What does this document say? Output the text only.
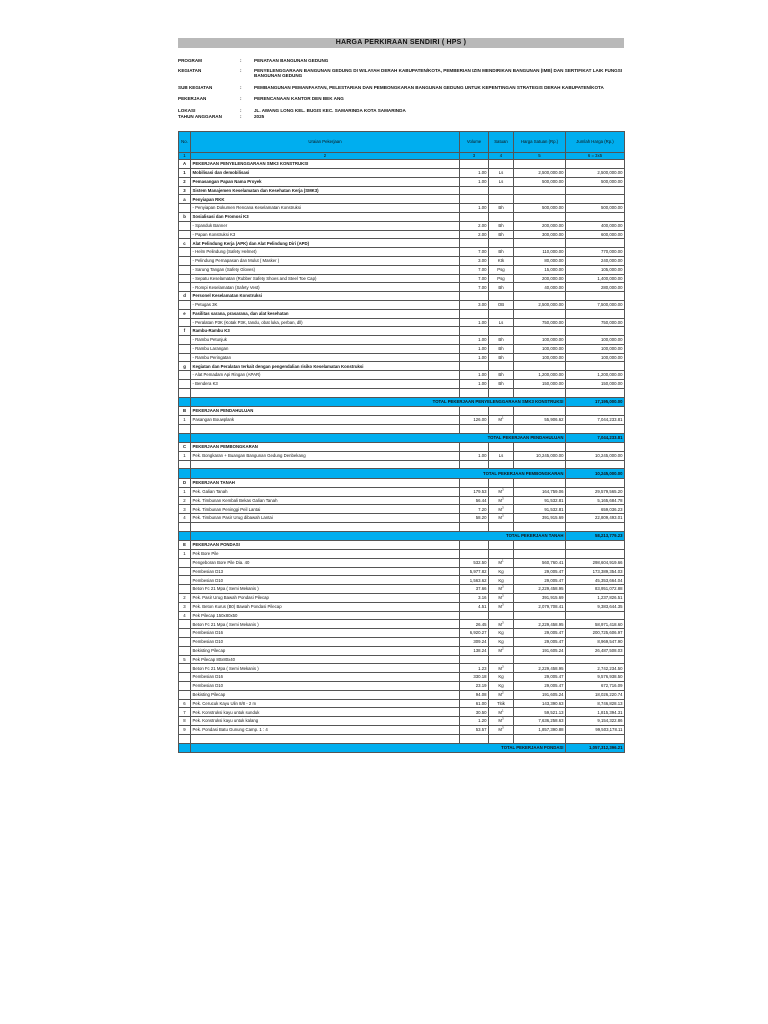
HARGA PERKIRAAN SENDIRI ( HPS )
PROGRAM	:	PENATAAN BANGUNAN GEDUNG
KEGIATAN	:	PENYELENGGARAAN BANGUNAN GEDUNG DI WILAYAH DERAH KABUPATEN/KOTA, PEMBERIAN IZIN MENDIRIKAN BANGUNAN (IMB) DAN SERTIFIKAT LAIK FUNGSI BANGUNAN GEDUNG
SUB KEGIATAN	:	PEMBANGUNAN PEMANFAATAN, PELESTARIAN DAN PEMBONGKARAN BANGUNAN GEDUNG UNTUK KEPENTINGAN STRATEGIS DERAH KABUPATEN/KOTA
PEKERJAAN	:	PERENCANAAN KANTOR DEN BEK ANG
LOKASI	:	JL. AWANG LONG KEL. BUGIS KEC. SAMARINDA KOTA SAMARINDA
TAHUN ANGGARAN	:	2025
No.	Uraian Pekerjaan	Volume	Satuan	Harga Satuan (Rp.)	Jumlah Harga (Rp.)
1	2	3	4	5	6 = 3x5
A	PEKERJAAN PENYELENGGARAAN SMK3 KONSTRUKSI				
1	Mobilisasi dan demobilisasi	1.00	Ls	2,500,000.00	2,500,000.00
2	Pemasangan Papan Nama Proyek	1.00	Ls	500,000.00	500,000.00
3	Sistem Manajemen Keselamatan dan Kesehatan Kerja (SMK3)				
a	Penyiapan RKK				
	- Penyiapan Dokumen Rencana Keselamatan Konstruksi	1.00	Bh	500,000.00	500,000.00
b	Sosialisasi dan Promosi K3				
	- Spanduk Banner	2.00	Bh	200,000.00	400,000.00
	- Papan Konstruksi K3	2.00	Bh	300,000.00	600,000.00
c	Alat Pelindung Kerja (APK) dan Alat Pelindung Diri (APD)				
	- Helm Pelindung (Safety Helmet)	7.00	Bh	110,000.00	770,000.00
	- Pelindung Pernapasan dan Mulut ( Masker )	3.00	Ktk	80,000.00	240,000.00
	- Sarung Tangan (Safety Gloves)	7.00	Psg	15,000.00	105,000.00
	- Sepatu Keselamatan (Rubber Safety Shoes and Steel Toe Cap)	7.00	Psg	200,000.00	1,400,000.00
	- Rompi Keselamatan (Safety Vest)	7.00	Bh	40,000.00	280,000.00
d	Personel Keselamatan Konstruksi				
	- Petugas 3K	3.00	OB	2,500,000.00	7,500,000.00
e	Fasilitas sarana, prasarana, dan alat kesehatan				
	- Peralatan P3K (Kotak P3K, tandu, obat luka, perban, dll)	1.00	Ls	750,000.00	750,000.00
f	Rambu-Rambu K3				
	- Rambu Petunjuk	1.00	Bh	100,000.00	100,000.00
	- Rambu Larangan	1.00	Bh	100,000.00	100,000.00
	- Rambu Peringatan	1.00	Bh	100,000.00	100,000.00
g	Kegiatan dan Peralatan terkait dengan pengendalian risiko Keselamatan Konstruksi				
	- Alat Pemadam Api Ringan (APAR)	1.00	Bh	1,200,000.00	1,200,000.00
	- Bendera K3	1.00	Bh	150,000.00	150,000.00

	TOTAL PEKERJAAN PENYELENGGARAAN SMK3 KONSTRUKSI				17,195,000.00
B	PEKERJAAN PENDAHULUAN				
1	Pasangan Bouwplank	126.00	$M^1$	55,906.62	7,044,233.81

	TOTAL PEKERJAAN PENDAHULUAN				7,044,233.81
C	PEKERJAAN PEMBONGKARAN				
1	Pek. Bongkaran + Buangan Bangunan Gedung Denbekang	1.00	Ls	10,245,000.00	10,245,000.00

	TOTAL PEKERJAAN PEMBONGKARAN				10,245,000.00
D	PEKERJAAN TANAH				
1	Pek. Galian Tanah	179.53	$M^3$	164,759.06	29,579,565.20
2	Pek. Timbunan Kembali Bekas Galian Tanah	56.44	$M^3$	91,532.81	5,165,684.78
3	Pek. Timbunan Peninggi Peil Lantai	7.20	$M^3$	91,532.81	659,036.23
4	Pek. Timbunan Pasir Urug dibawah Lantai	58.20	$M^3$	391,915.69	22,809,493.01

	TOTAL PEKERJAAN TANAH				58,213,779.23
E	PEKERJAAN PONDASI				
1	Pek Bore Pile				
	Pengeboran Bore Pile Dia. 40	532.50	$M^1$	560,760.41	298,604,919.66
	Pembesian D13	5,977.82	Kg	29,005.47	173,389,354.03
	Pembesian D10	1,563.62	Kg	29,005.47	45,353,664.04
	Beton Fc 21 Mpa ( Semi Mekanis )	37.66	$M^3$	2,229,458.95	83,951,072.88
2	Pek. Pasir Urug Bawah Pondasi Pilecap	3.16	$M^3$	391,915.69	1,237,826.51
3	Pek. Beton Kurus (B0) Bawah Pondasi Pilecap	4.51	$M^3$	2,079,708.41	9,383,644.35
4	Pek Pilecap 150x80x50				
	Beton Fc 21 Mpa ( Semi Mekanis )	26.45	$M^3$	2,229,458.95	58,971,418.60
	Pembesian D16	6,920.27	Kg	29,005.47	200,725,606.97
	Pembesian D10	309.24	Kg	29,005.47	8,969,547.90
	Bekisting Pilecap	138.24	$M^2$	191,605.24	26,487,508.03
5	Pek Pilecap 80x80x40				
	Beton Fc 21 Mpa ( Semi Mekanis )	1.23	$M^3$	2,229,458.95	2,742,234.50
	Pembesian D16	330.18	Kg	29,005.47	9,576,938.50
	Pembesian D10	23.19	Kg	29,005.47	672,716.09
	Bekisting Pilecap	94.08	$M^2$	191,605.24	18,026,220.74
6	Pek. Cerucuk Kayu Ulin 8/8 - 2 m	61.00	Titik	143,390.63	8,746,828.13
7	Pek. Konstruksi kayu untuk sunduk	30.50	$M^1$	59,521.13	1,815,394.31
8	Pek. Konstruksi kayu untuk kalang	1.20	$M^3$	7,636,258.63	9,154,322.86
9	Pek. Pondasi Batu Gunung Camp. 1 : 4	53.57	$M^3$	1,857,390.88	99,503,178.11

	TOTAL PEKERJAAN PONDASI				1,057,312,396.21
